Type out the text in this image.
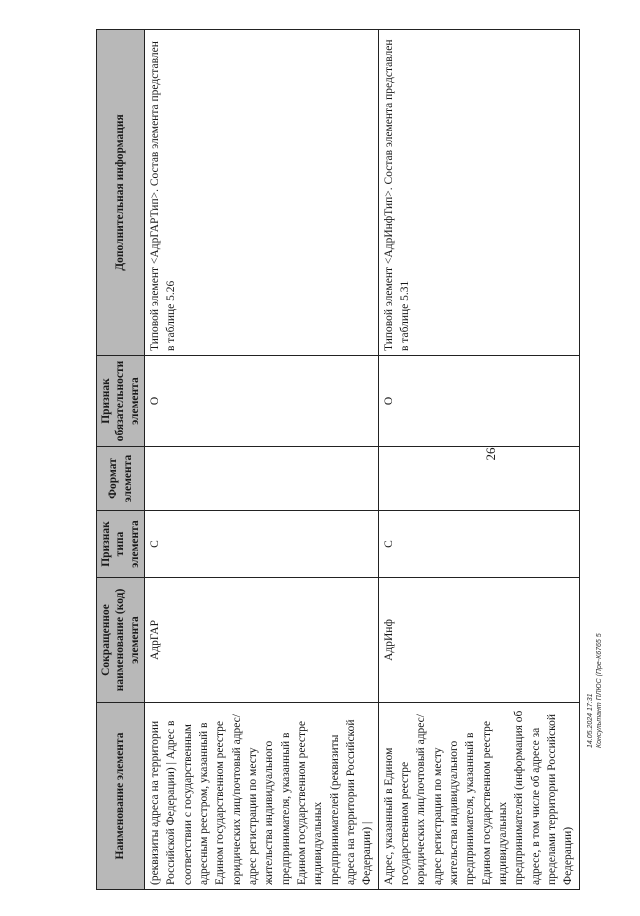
26
Наименование элемента	Сокращенное наименование (код) элемента	Признак типа элемента	Формат элемента	Признак обязательности элемента	Дополнительная информация
(реквизиты адреса на территории Российской Федерации) | Адрес в соответствии с государственным адресным реестром, указанный в Едином государственном реестре юридических лиц/почтовый адрес/адрес регистрации по месту жительства индивидуального предпринимателя, указанный в Едином государственном реестре индивидуальных предпринимателей (реквизиты адреса на территории Российской Федерации) |	АдрГАР	С		О	Типовой элемент <АдрГАРТип>. Состав элемента представлен в таблице 5.26
Адрес, указанный в Едином государственном реестре юридических лиц/почтовый адрес/адрес регистрации по месту жительства индивидуального предпринимателя, указанный в Едином государственном реестре индивидуальных предпринимателей (информация об адресе, в том числе об адресе за пределами территории Российской Федерации)	АдрИнф	С		О	Типовой элемент <АдрИнфТип>. Состав элемента представлен в таблице 5.31
14.05.2024 17:31 Консультант ПЛЮС (Пре-К6765 5
